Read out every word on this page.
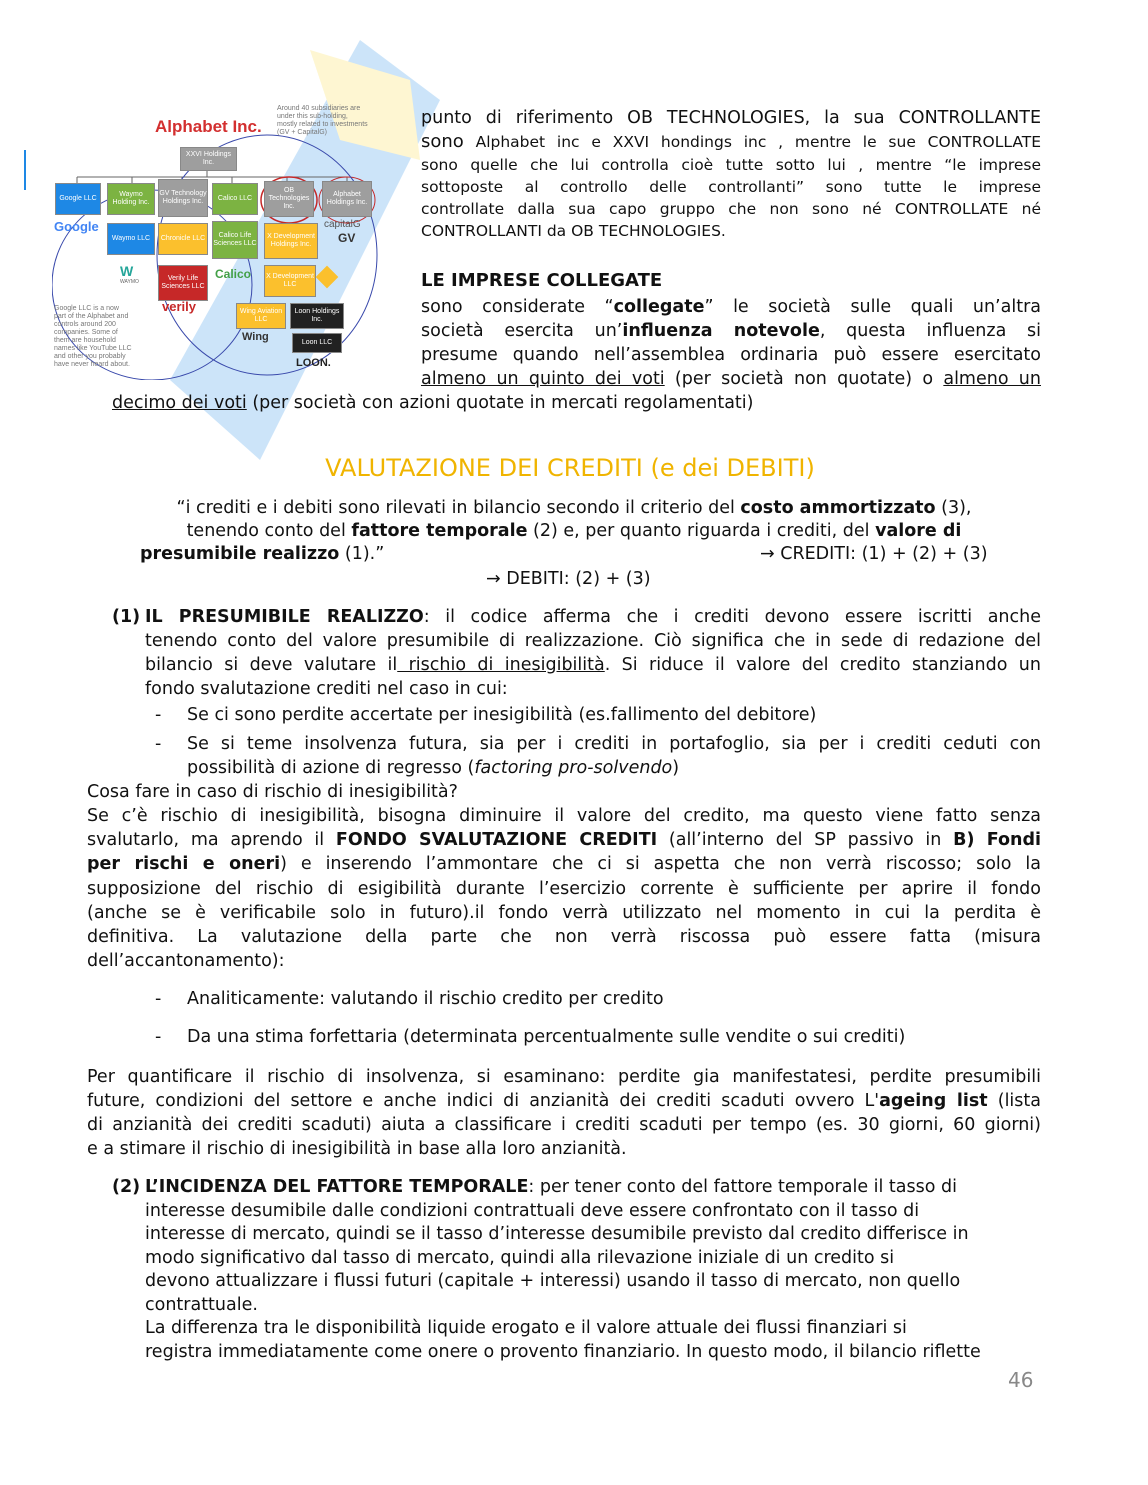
Alphabet Inc.
Around 40 subsidiaries are under this sub-holding, mostly related to investments (GV + CapitalG)
XXVI Holdings Inc.
Google LLC
Waymo Holding Inc.
GV Technology Holdings Inc.	Calico LLC
OB Technologies Inc.
Alphabet Holdings Inc.
Google
Waymo LLC	Chronicle LLC	Calico Life Sciences LLC
X Development Holdings Inc.
capitalG
GV
W
WAYMO	Verily Life Sciences LLC
Calico X Development LLC
verily	Wing Aviation LLC
Loon Holdings Inc.
Wing	Loon LLC
LOON.
Google LLC is a now part of the Alphabet and controls around 200 companies. Some of them are household names like YouTube LLC and other you probably have never heard about.
punto di riferimento OB TECHNOLOGIES, la sua CONTROLLANTE
sono Alphabet inc e XXVI hondings inc , mentre le sue CONTROLLATE
sono quelle che lui controlla cioè tutte sotto lui , mentre “le imprese
sottoposte al controllo delle controllanti” sono tutte le imprese
controllate dalla sua capo gruppo che non sono né CONTROLLATE né
CONTROLLANTI da OB TECHNOLOGIES.
LE IMPRESE COLLEGATE
sono considerate “collegate” le società sulle quali un’altra
società esercita un’influenza notevole, questa influenza si
presume quando nell’assemblea ordinaria può essere esercitato
almeno un quinto dei voti (per società non quotate) o almeno un
decimo dei voti (per società con azioni quotate in mercati regolamentati)
VALUTAZIONE DEI CREDITI (e dei DEBITI)
“i crediti e i debiti sono rilevati in bilancio secondo il criterio del costo ammortizzato (3),
tenendo conto del fattore temporale (2) e, per quanto riguarda i crediti, del valore di
presumibile realizzo (1).”	→ CREDITI: (1) + (2) + (3)
→ DEBITI: (2) + (3)
(1) IL PRESUMIBILE REALIZZO: il codice afferma che i crediti devono essere iscritti anche
tenendo conto del valore presumibile di realizzazione. Ciò significa che in sede di redazione del
bilancio si deve valutare il rischio di inesigibilità. Si riduce il valore del credito stanziando un
fondo svalutazione crediti nel caso in cui:
- Se ci sono perdite accertate per inesigibilità (es.fallimento del debitore)
- Se si teme insolvenza futura, sia per i crediti in portafoglio, sia per i crediti ceduti con
possibilità di azione di regresso (factoring pro-solvendo)
Cosa fare in caso di rischio di inesigibilità?
Se c’è rischio di inesigibilità, bisogna diminuire il valore del credito, ma questo viene fatto senza
svalutarlo, ma aprendo il FONDO SVALUTAZIONE CREDITI (all’interno del SP passivo in B) Fondi
per rischi e oneri) e inserendo l’ammontare che ci si aspetta che non verrà riscosso; solo la
supposizione del rischio di esigibilità durante l’esercizio corrente è sufficiente per aprire il fondo
(anche se è verificabile solo in futuro).il fondo verrà utilizzato nel momento in cui la perdita è
definitiva. La valutazione della parte che non verrà riscossa può essere fatta (misura
dell’accantonamento):
- Analiticamente: valutando il rischio credito per credito
- Da una stima forfettaria (determinata percentualmente sulle vendite o sui crediti)
Per quantificare il rischio di insolvenza, si esaminano: perdite gia manifestatesi, perdite presumibili
future, condizioni del settore e anche indici di anzianità dei crediti scaduti ovvero L'ageing list (lista
di anzianità dei crediti scaduti) aiuta a classificare i crediti scaduti per tempo (es. 30 giorni, 60 giorni)
e a stimare il rischio di inesigibilità in base alla loro anzianità.
(2) L’INCIDENZA DEL FATTORE TEMPORALE: per tener conto del fattore temporale il tasso di
interesse desumibile dalle condizioni contrattuali deve essere confrontato con il tasso di
interesse di mercato, quindi se il tasso d’interesse desumibile previsto dal credito differisce in
modo significativo dal tasso di mercato, quindi alla rilevazione iniziale di un credito si
devono attualizzare i flussi futuri (capitale + interessi) usando il tasso di mercato, non quello
contrattuale.
La differenza tra le disponibilità liquide erogato e il valore attuale dei flussi finanziari si
registra immediatamente come onere o provento finanziario. In questo modo, il bilancio riflette
46
